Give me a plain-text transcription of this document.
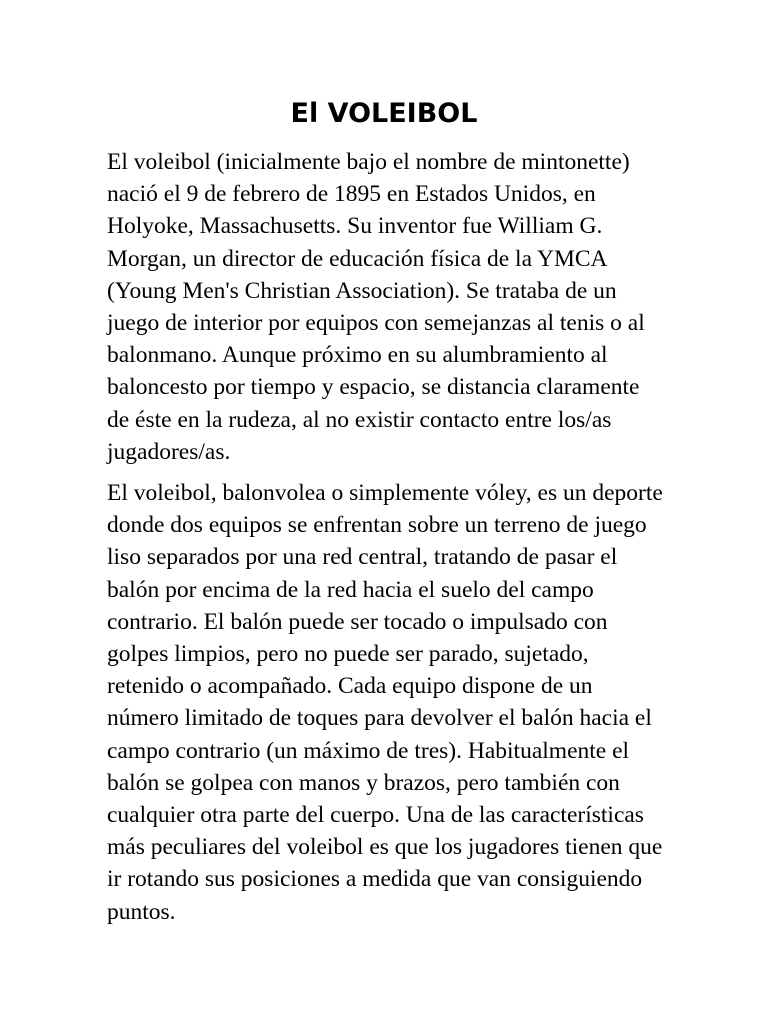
El VOLEIBOL

El voleibol (inicialmente bajo el nombre de mintonette) nació el 9 de febrero de 1895 en Estados Unidos, en Holyoke, Massachusetts. Su inventor fue William G. Morgan, un director de educación física de la YMCA (Young Men's Christian Association). Se trataba de un juego de interior por equipos con semejanzas al tenis o al balonmano. Aunque próximo en su alumbramiento al baloncesto por tiempo y espacio, se distancia claramente de éste en la rudeza, al no existir contacto entre los/as jugadores/as.

El voleibol, balonvolea o simplemente vóley, es un deporte donde dos equipos se enfrentan sobre un terreno de juego liso separados por una red central, tratando de pasar el balón por encima de la red hacia el suelo del campo contrario. El balón puede ser tocado o impulsado con golpes limpios, pero no puede ser parado, sujetado, retenido o acompañado. Cada equipo dispone de un número limitado de toques para devolver el balón hacia el campo contrario (un máximo de tres). Habitualmente el balón se golpea con manos y brazos, pero también con cualquier otra parte del cuerpo. Una de las características más peculiares del voleibol es que los jugadores tienen que ir rotando sus posiciones a medida que van consiguiendo puntos.
